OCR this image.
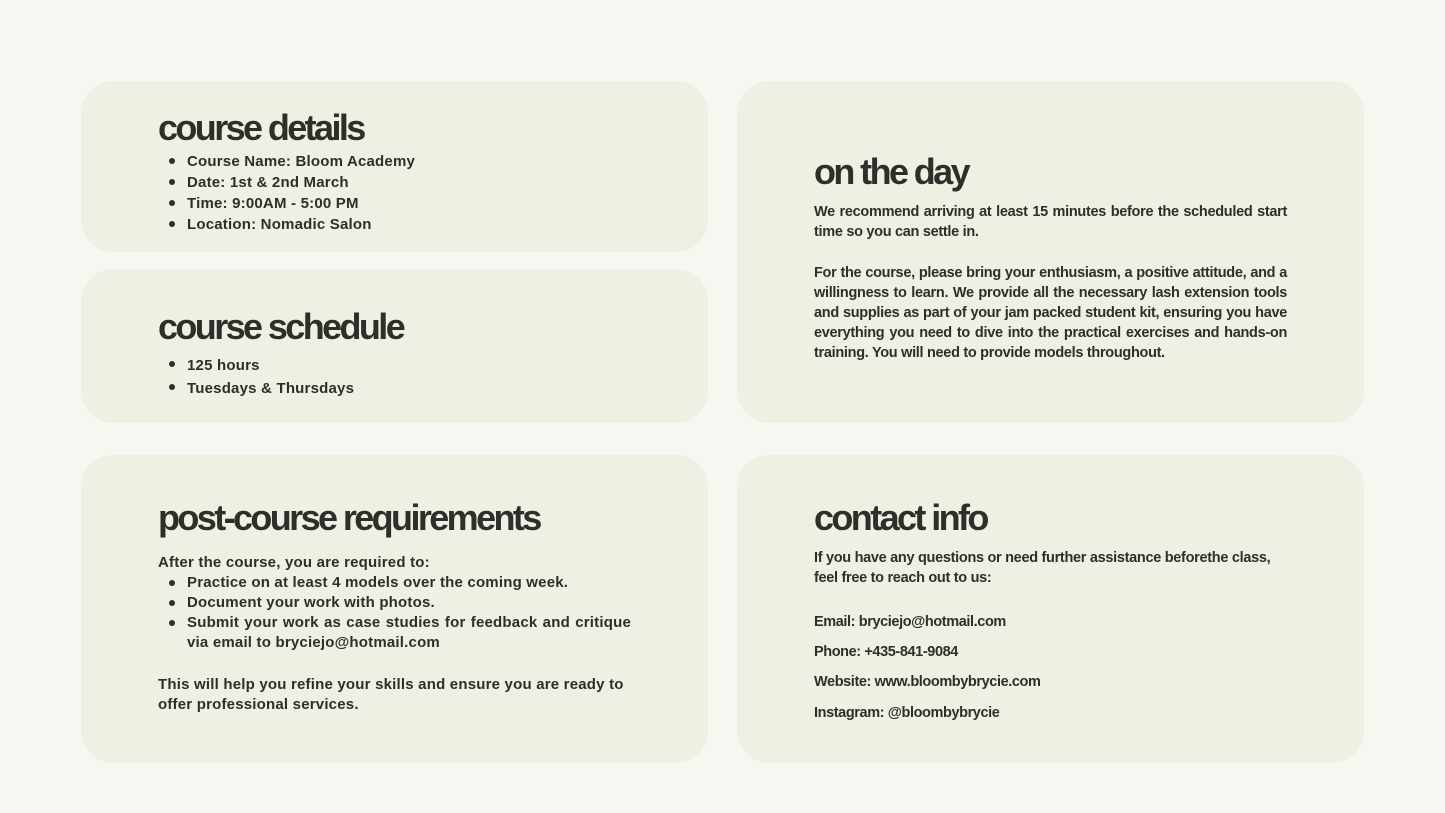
course details
Course Name: Bloom Academy
Date: 1st & 2nd March
Time: 9:00AM - 5:00 PM
Location: Nomadic Salon
course schedule
125 hours
Tuesdays & Thursdays
on the day

We recommend arriving at least 15 minutes before the scheduled start time so you can settle in.

For the course, please bring your enthusiasm, a positive attitude, and a willingness to learn. We provide all the necessary lash extension tools and supplies as part of your jam packed student kit, ensuring you have everything you need to dive into the practical exercises and hands-on training. You will need to provide models throughout.

post-course requirements

After the course, you are required to:

Practice on at least 4 models over the coming week.
Document your work with photos.
Submit your work as case studies for feedback and critique via email to bryciejo@hotmail.com

This will help you refine your skills and ensure you are ready to offer professional services.

contact info

If you have any questions or need further assistance beforethe class, feel free to reach out to us:

Email: bryciejo@hotmail.com

Phone: +435-841-9084

Website: www.bloombybrycie.com

Instagram: @bloombybrycie
